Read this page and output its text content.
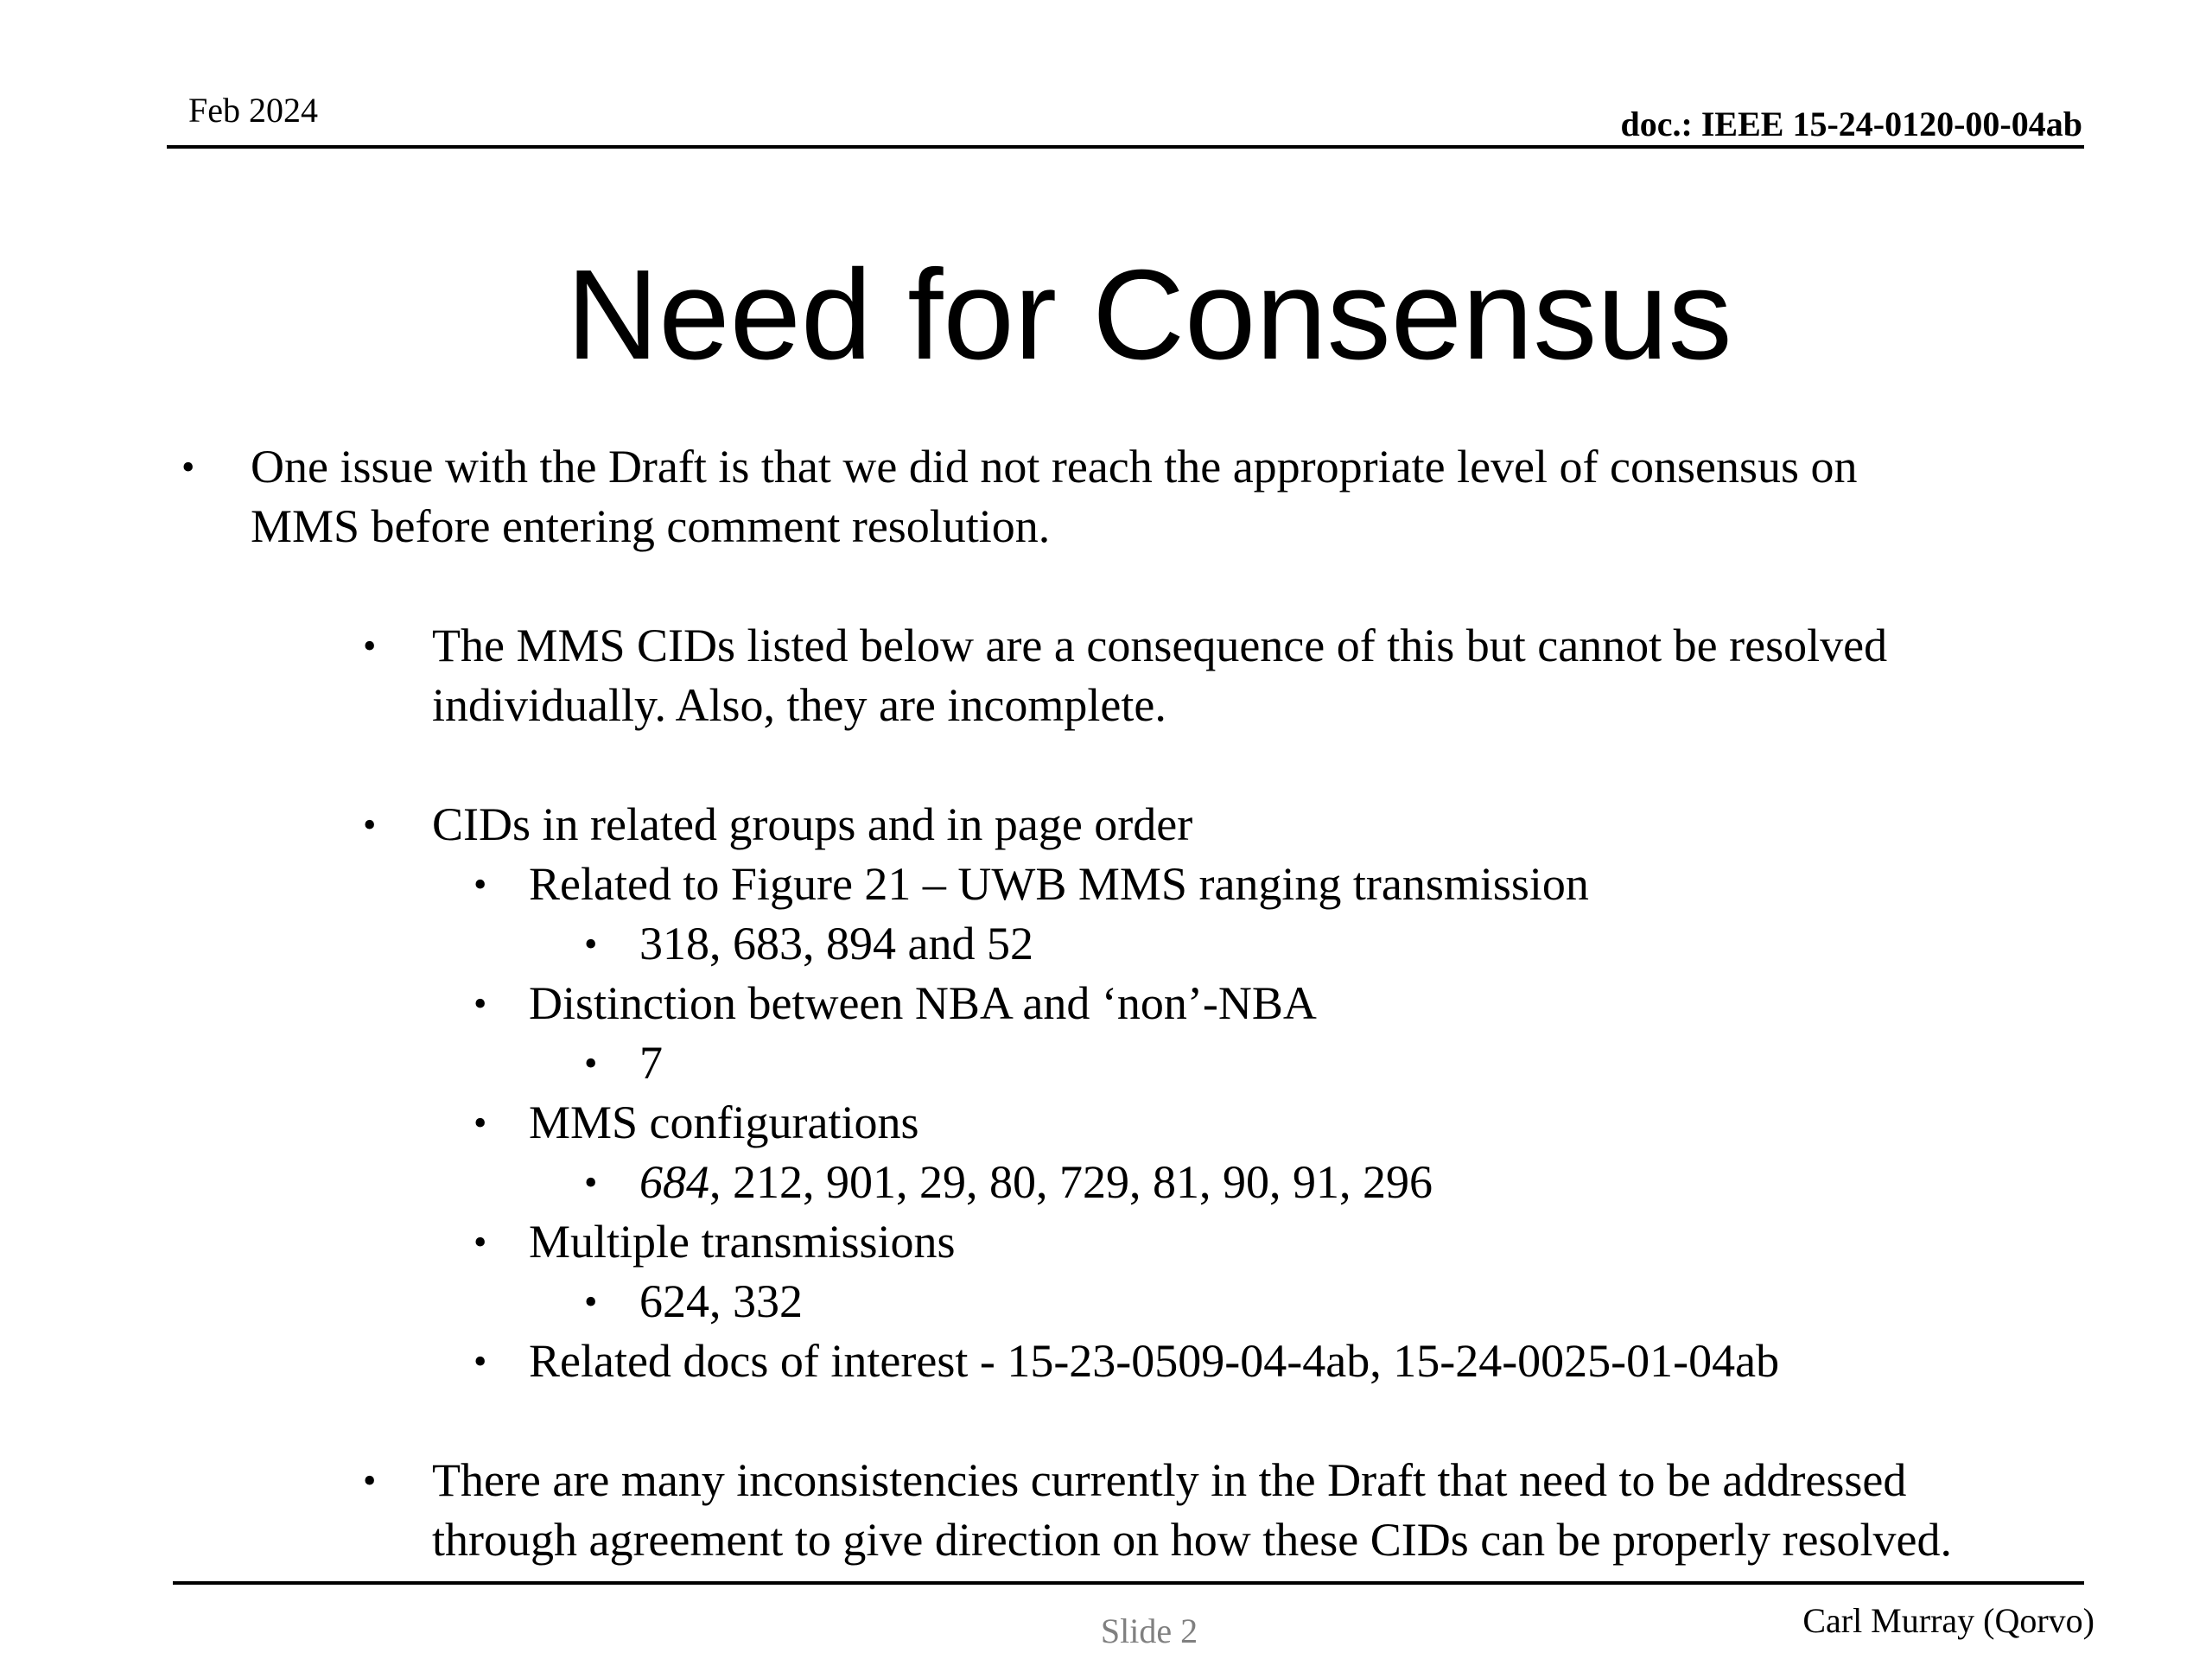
Feb 2024	doc.: IEEE 15-24-0120-00-04ab
Need for Consensus
• One issue with the Draft is that we did not reach the appropriate level of consensus on
MMS before entering comment resolution.
• The MMS CIDs listed below are a consequence of this but cannot be resolved
individually. Also, they are incomplete.
• CIDs in related groups and in page order
• Related to Figure 21 – UWB MMS ranging transmission
• 318, 683, 894 and 52
• Distinction between NBA and ‘non’-NBA
• 7
• MMS configurations
• 684, 212, 901, 29, 80, 729, 81, 90, 91, 296
• Multiple transmissions
• 624, 332
• Related docs of interest - 15-23-0509-04-4ab, 15-24-0025-01-04ab
• There are many inconsistencies currently in the Draft that need to be addressed
through agreement to give direction on how these CIDs can be properly resolved.
Slide 2	Carl Murray (Qorvo)
